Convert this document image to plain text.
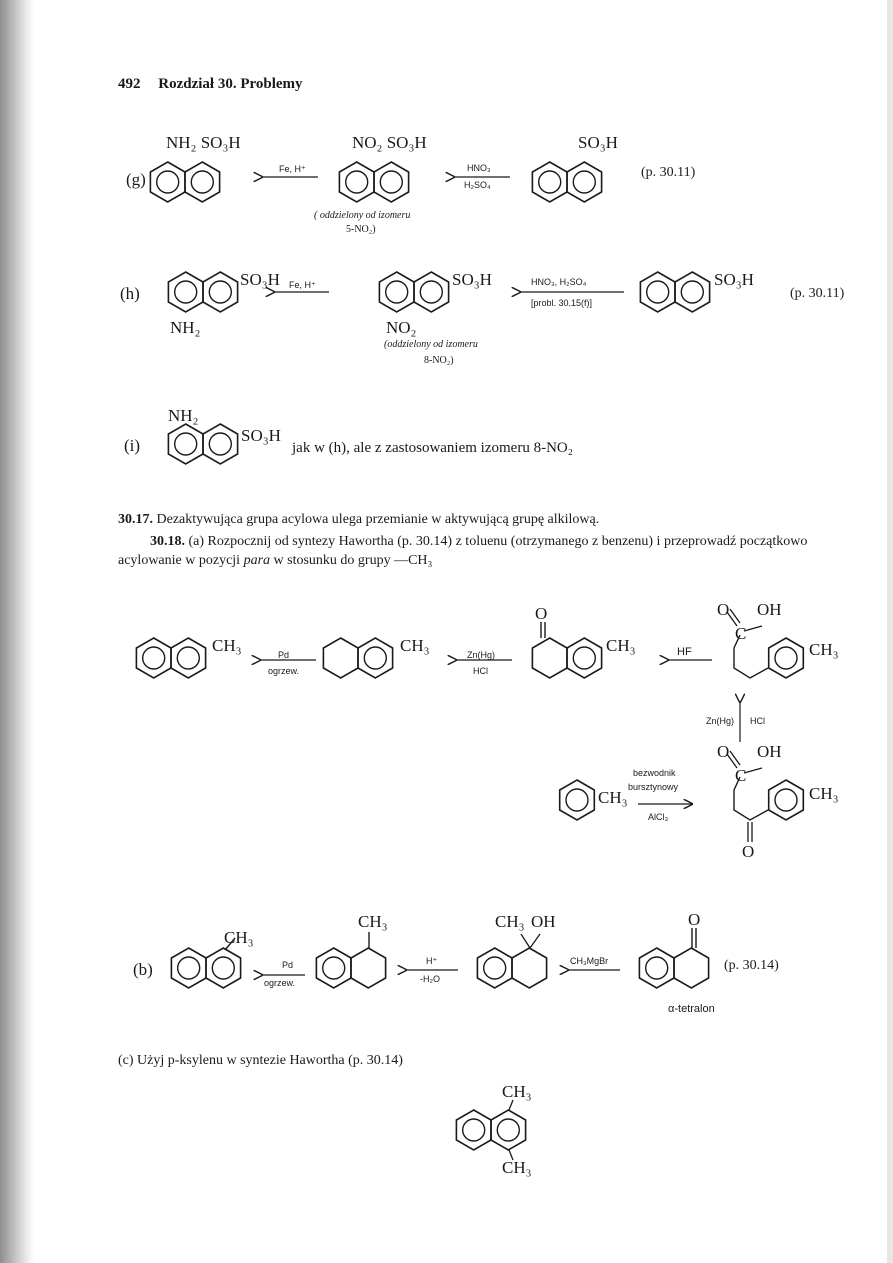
492 Rozdział 30. Problemy
(g)
NH₂ SO₃H
Fe, H⁺
NO₂ SO₃H
HNO₃
H₂SO₄
SO₃H
(p. 30.11)
( oddzielony od izomeru
5-NO₂)
(h)
SO₃H
NH₂
Fe, H⁺	SO₃H
NO₂
HNO₃, H₂SO₄
[probl. 30.15(f)]
SO₃H
(p. 30.11)
(oddzielony od izomeru
8-NO₂)
(i)
NH₂
SO₃H
jak w (h), ale z zastosowaniem izomeru 8-NO₂
30.17. Dezaktywująca grupa acylowa ulega przemianie w aktywującą grupę alkilową.
30.18. (a) Rozpocznij od syntezy Hawortha (p. 30.14) z toluenu (otrzymanego z benzenu) i przeprowadź początkowo acylowanie w pozycji para w stosunku do grupy —CH₃
CH₃	Pd
ogrzew.
CH₃	Zn(Hg)
HCl
O
CH₃	HF
O OH
C
CH₃
Zn(Hg) HCl
O OH
C
CH₃
O
CH₃
bezwodnik
bursztynowy
AlCl₃
(b)
CH₃
Pd
ogrzew.
CH₃
H⁺
-H₂O
CH₃ OH
CH₃MgBr
O
(p. 30.14)
α-tetralon
(c) Użyj p-ksylenu w syntezie Hawortha (p. 30.14)
CH₃
CH₃
